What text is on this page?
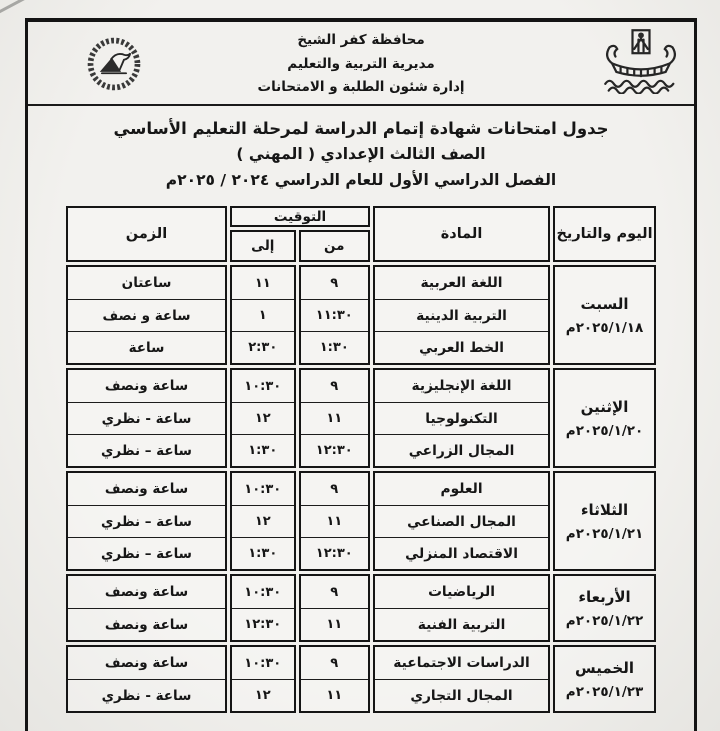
محافظة كفر الشيخ
مديرية التربية والتعليم
إدارة شئون الطلبة و الامتحانات
جدول امتحانات شهادة إتمام الدراسة لمرحلة التعليم الأساسي
الصف الثالث الإعدادي ( المهني )
الفصل الدراسي الأول للعام الدراسي ٢٠٢٤ / ٢٠٢٥م
اليوم والتاريخ
المادة
التوقيت
من
إلى
الزمن
السبت
٢٠٢٥/١/١٨م
اللغة العربية
التربية الدينية
الخط العربي
٩
١١:٣٠
١:٣٠
١١
١
٢:٣٠
ساعتان
ساعة و نصف
ساعة
الإثنين
٢٠٢٥/١/٢٠م
اللغة الإنجليزية
التكنولوجيا
المجال الزراعي
٩
١١
١٢:٣٠
١٠:٣٠
١٢
١:٣٠
ساعة ونصف
ساعة - نظري
ساعة – نظري
الثلاثاء
٢٠٢٥/١/٢١م
العلوم
المجال الصناعي
الاقتصاد المنزلي
٩
١١
١٢:٣٠
١٠:٣٠
١٢
١:٣٠
ساعة ونصف
ساعة – نظري
ساعة – نظري
الأربعاء
٢٠٢٥/١/٢٢م
الرياضيات
التربية الفنية
٩
١١
١٠:٣٠
١٢:٣٠
ساعة ونصف
ساعة ونصف
الخميس
٢٠٢٥/١/٢٣م
الدراسات الاجتماعية
المجال التجاري
٩
١١
١٠:٣٠
١٢
ساعة ونصف
ساعة - نظري
